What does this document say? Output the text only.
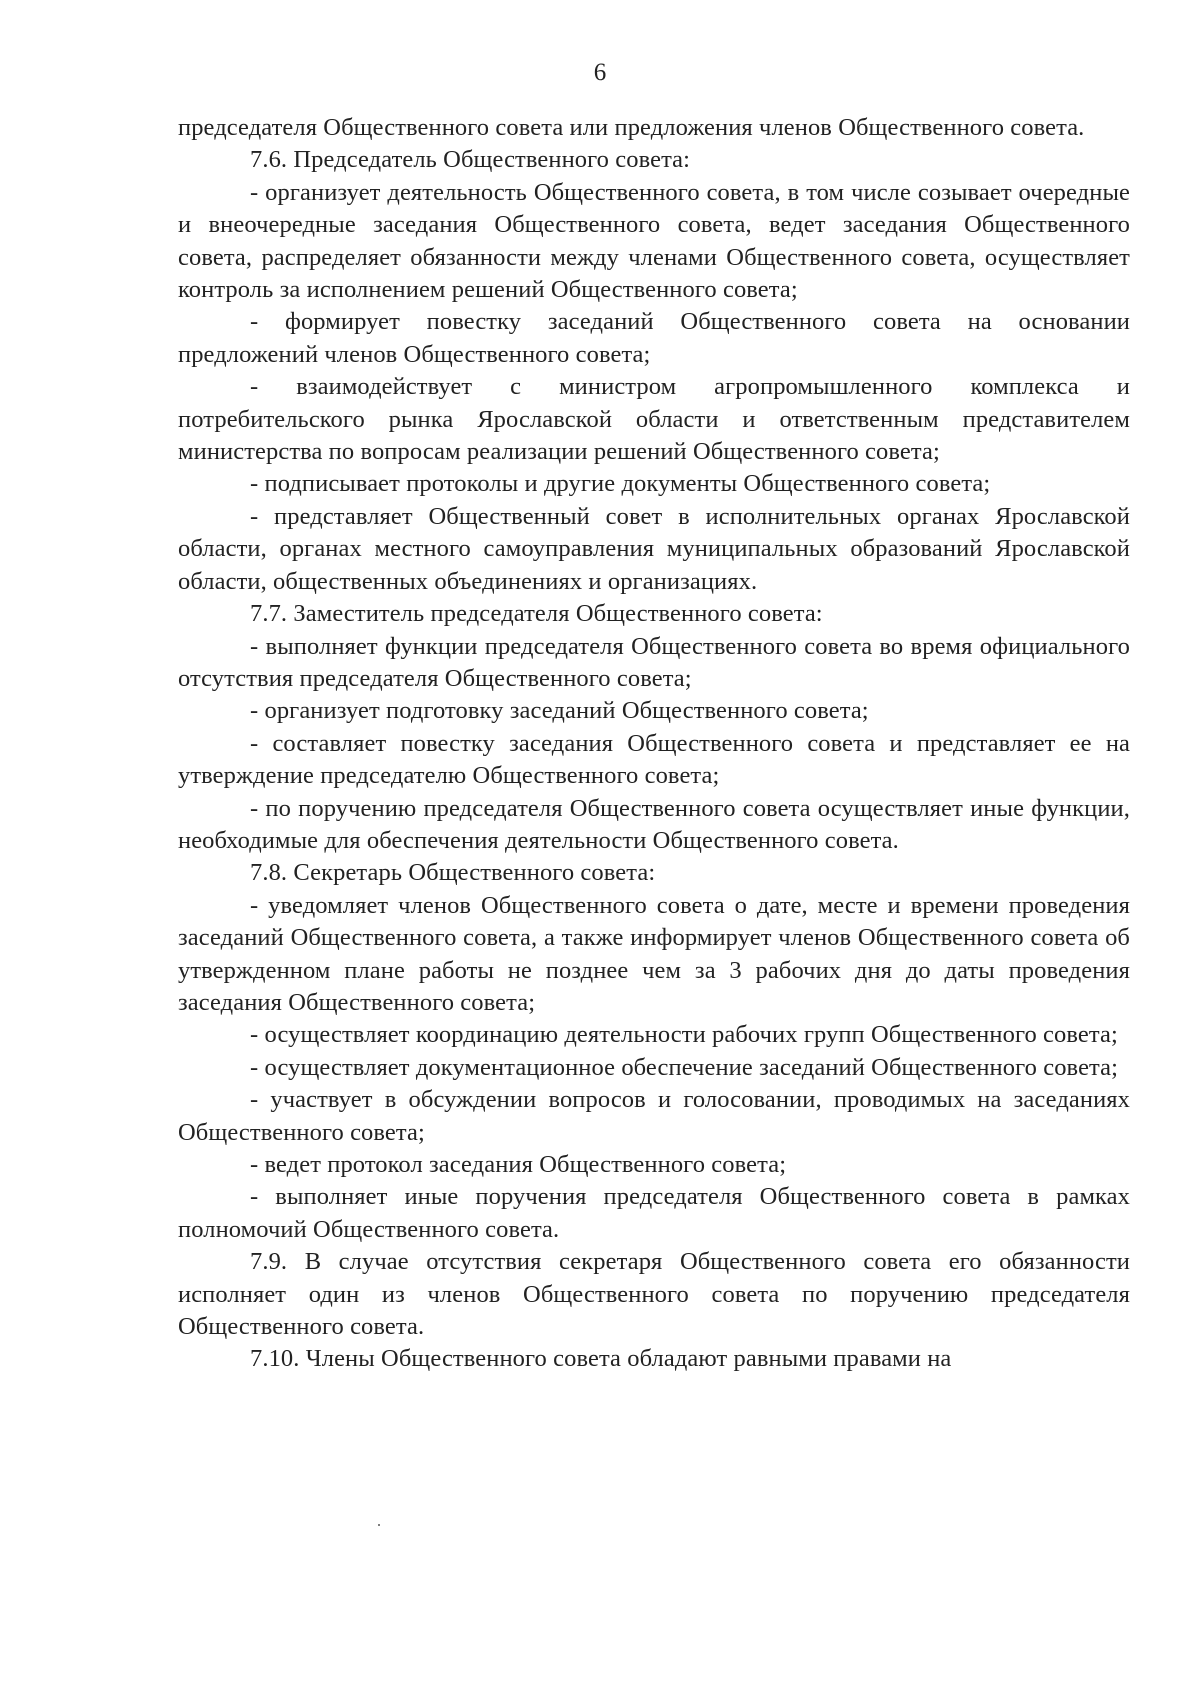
6

председателя Общественного совета или предложения членов Общественного совета.

7.6. Председатель Общественного совета:

- организует деятельность Общественного совета, в том числе созывает очередные и внеочередные заседания Общественного совета, ведет заседания Общественного совета, распределяет обязанности между членами Общественного совета, осуществляет контроль за исполнением решений Общественного совета;

- формирует повестку заседаний Общественного совета на основании предложений членов Общественного совета;

- взаимодействует с министром агропромышленного комплекса и потребительского рынка Ярославской области и ответственным представителем министерства по вопросам реализации решений Общественного совета;

- подписывает протоколы и другие документы Общественного совета;

- представляет Общественный совет в исполнительных органах Ярославской области, органах местного самоуправления муниципальных образований Ярославской области, общественных объединениях и организациях.

7.7. Заместитель председателя Общественного совета:

- выполняет функции председателя Общественного совета во время официального отсутствия председателя Общественного совета;

- организует подготовку заседаний Общественного совета;

- составляет повестку заседания Общественного совета и представляет ее на утверждение председателю Общественного совета;

- по поручению председателя Общественного совета осуществляет иные функции, необходимые для обеспечения деятельности Общественного совета.

7.8. Секретарь Общественного совета:

- уведомляет членов Общественного совета о дате, месте и времени проведения заседаний Общественного совета, а также информирует членов Общественного совета об утвержденном плане работы не позднее чем за 3 рабочих дня до даты проведения заседания Общественного совета;

- осуществляет координацию деятельности рабочих групп Общественного совета;

- осуществляет документационное обеспечение заседаний Общественного совета;

- участвует в обсуждении вопросов и голосовании, проводимых на заседаниях Общественного совета;

- ведет протокол заседания Общественного совета;

- выполняет иные поручения председателя Общественного совета в рамках полномочий Общественного совета.

7.9. В случае отсутствия секретаря Общественного совета его обязанности исполняет один из членов Общественного совета по поручению председателя Общественного совета.

7.10. Члены Общественного совета обладают равными правами на
